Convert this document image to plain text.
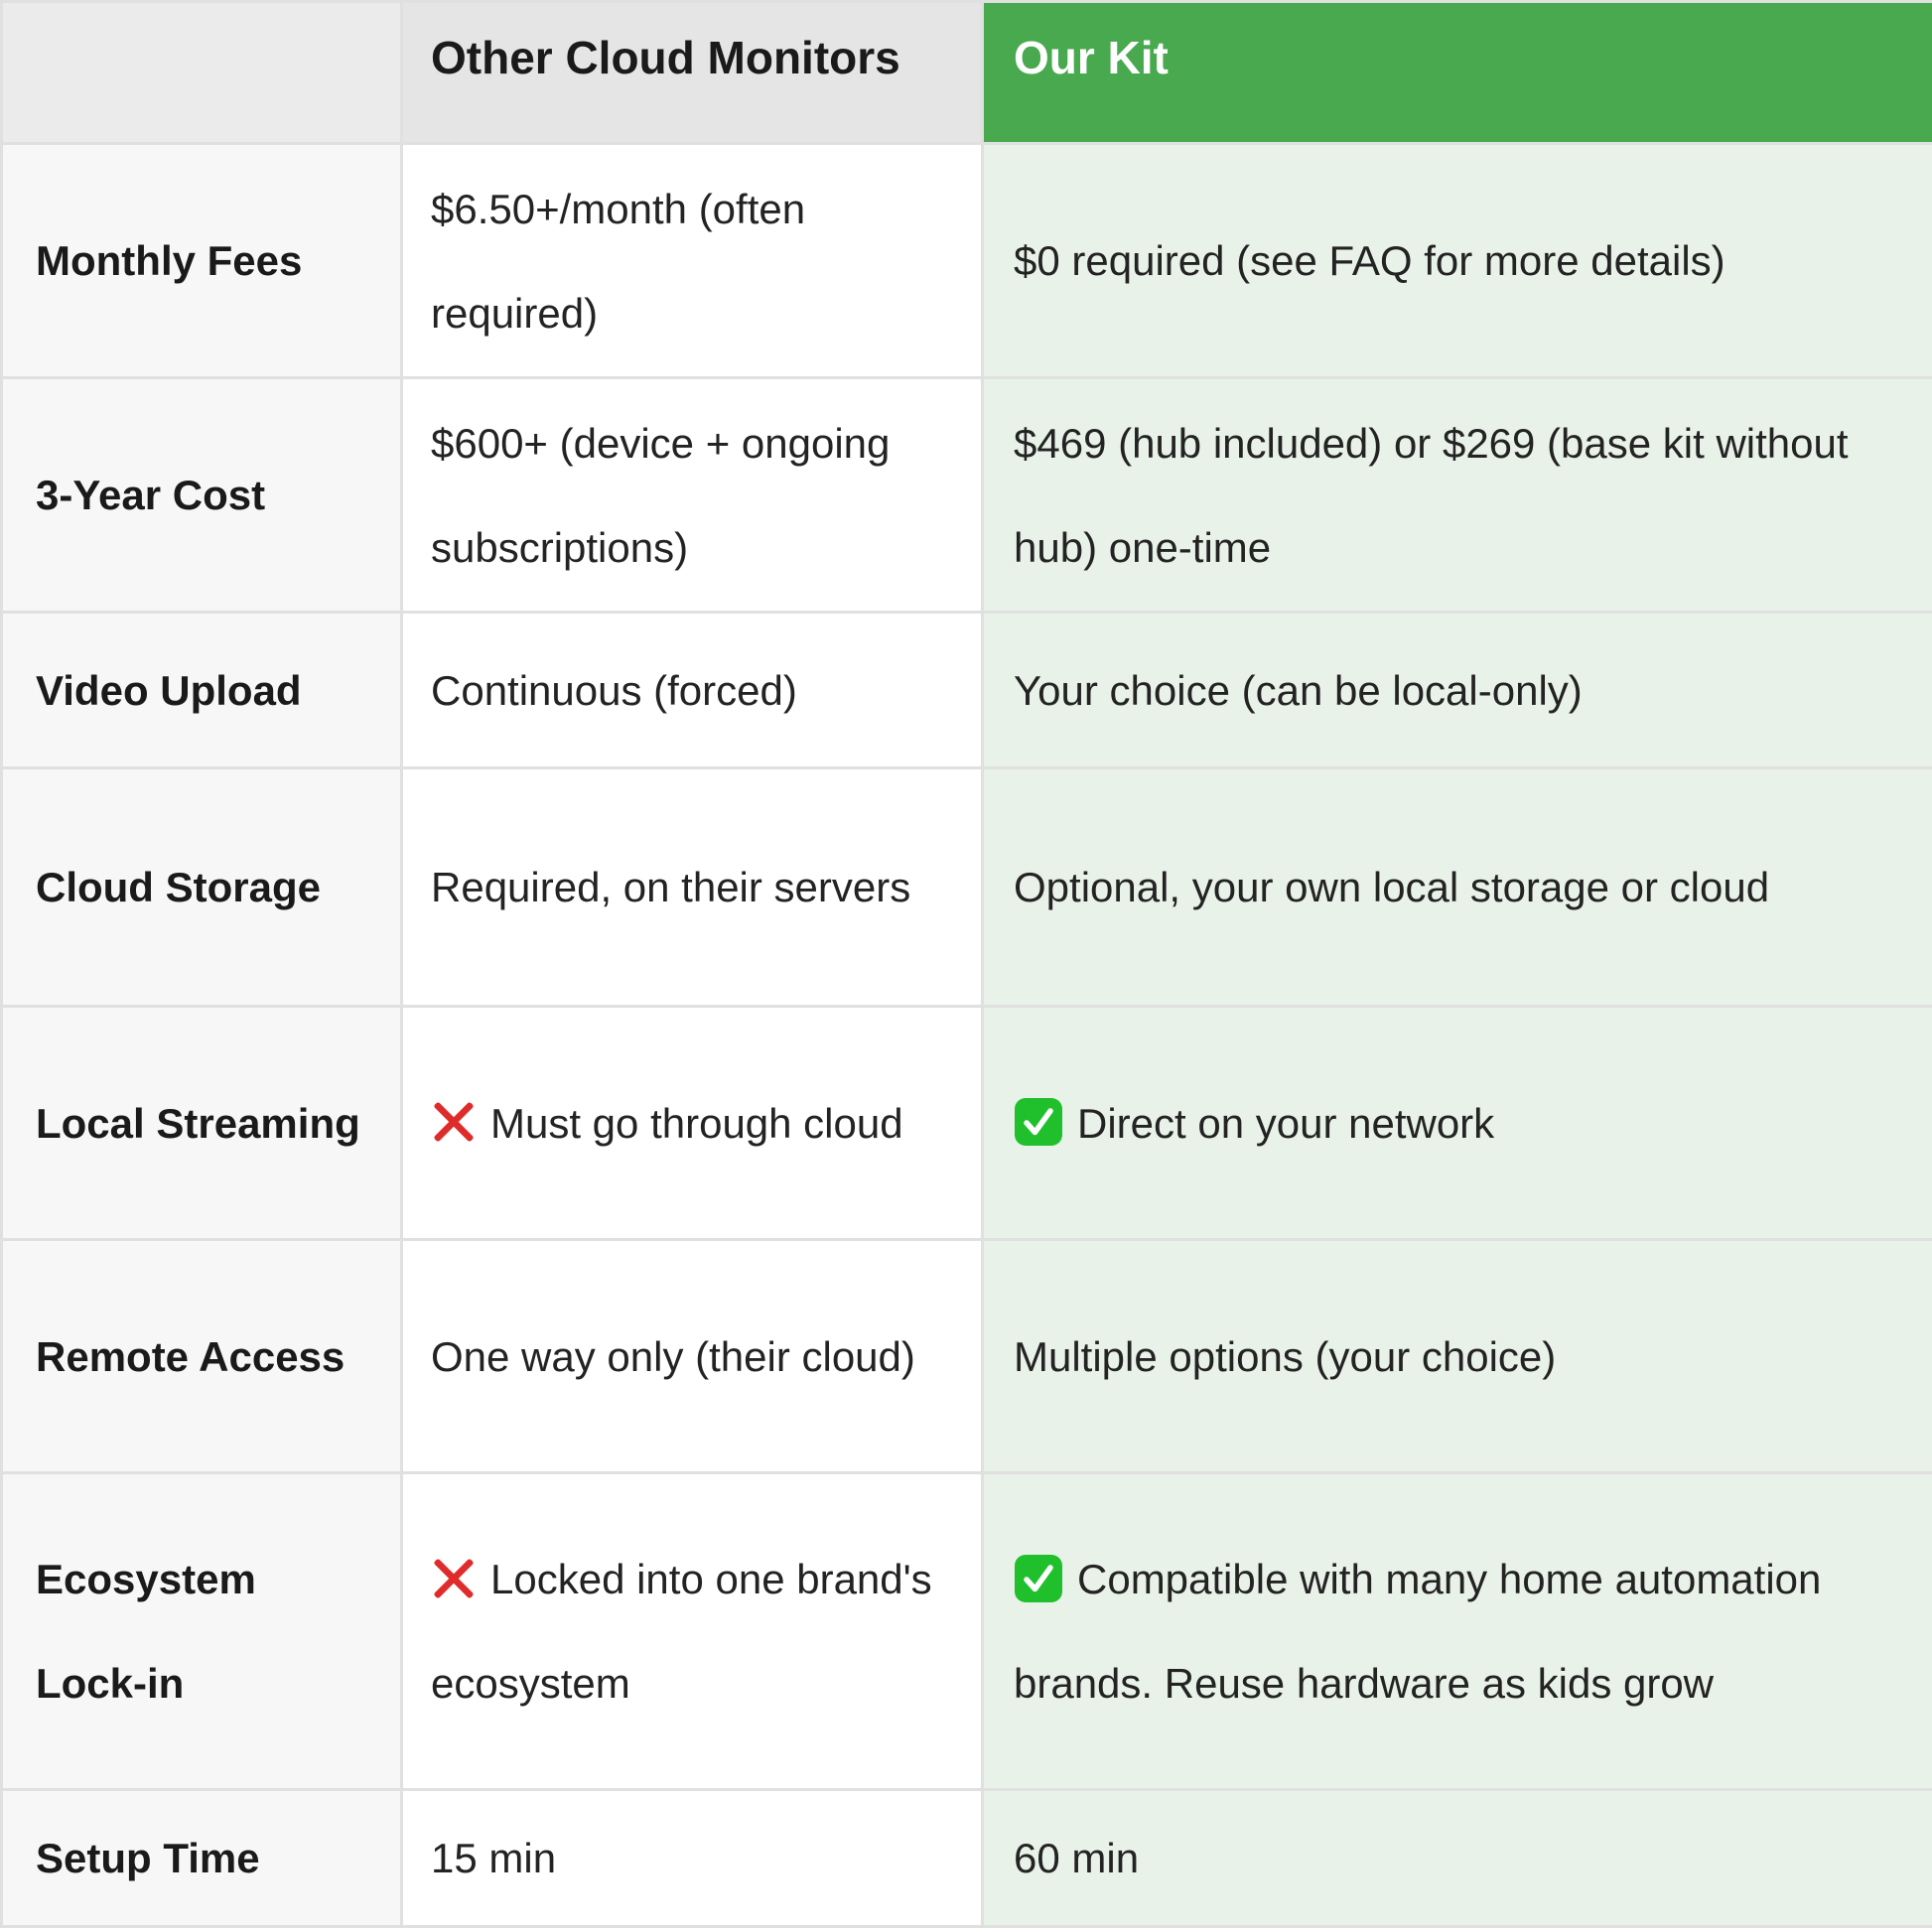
	Other Cloud Monitors	Our Kit
Monthly Fees	$6.50+/month (often required)	$0 required (see FAQ for more details)
3-Year Cost	$600+ (device + ongoing subscriptions)	$469 (hub included) or $269 (base kit without hub) one-time
Video Upload	Continuous (forced)	Your choice (can be local-only)
Cloud Storage	Required, on their servers	Optional, your own local storage or cloud
Local Streaming	Must go through cloud	Direct on your network
Remote Access	One way only (their cloud)	Multiple options (your choice)
Ecosystem Lock-in	Locked into one brand's ecosystem	Compatible with many home automation brands. Reuse hardware as kids grow
Setup Time	15 min	60 min
